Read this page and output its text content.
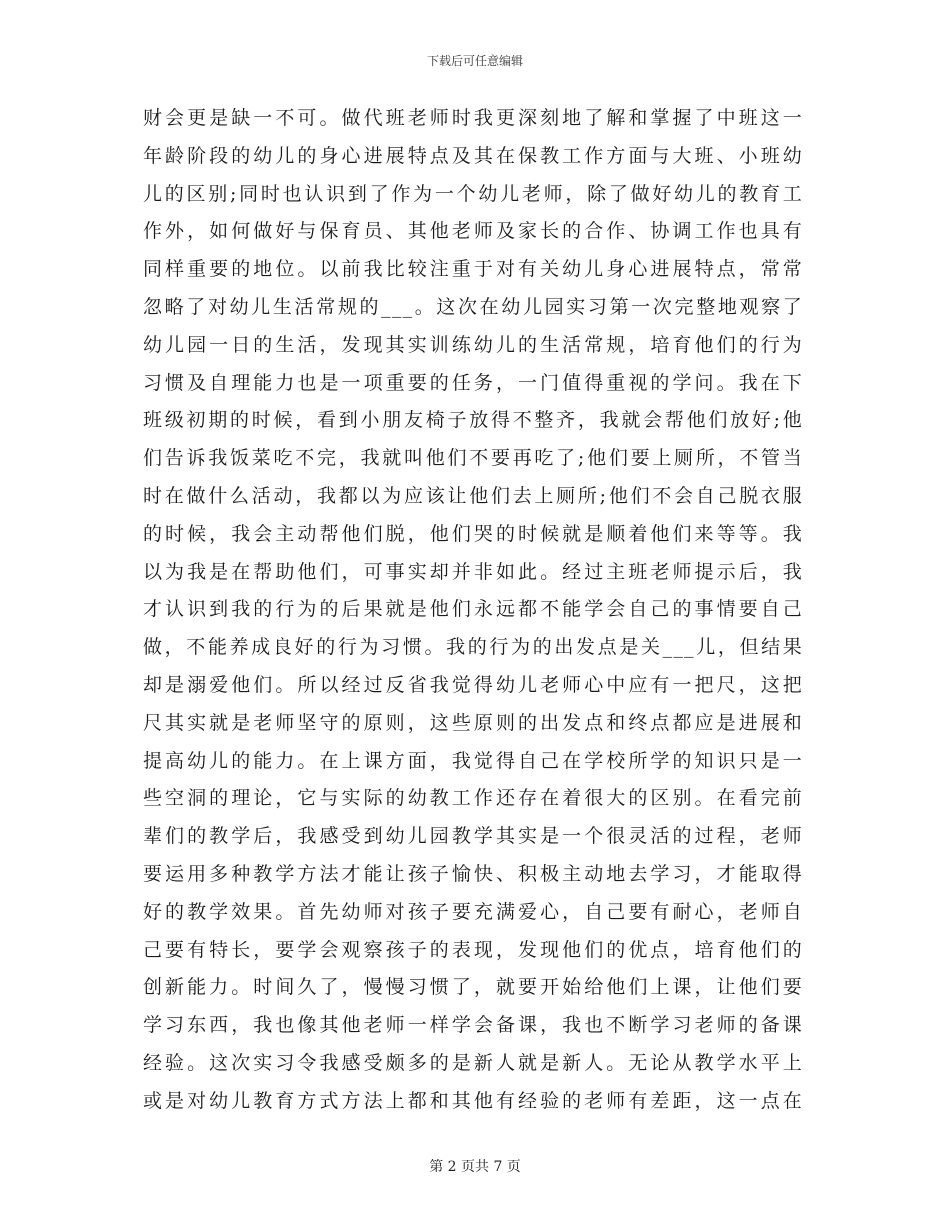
下载后可任意编辑
财会更是缺一不可。做代班老师时我更深刻地了解和掌握了中班这一
年龄阶段的幼儿的身心进展特点及其在保教工作方面与大班、小班幼
儿的区别;同时也认识到了作为一个幼儿老师，除了做好幼儿的教育工
作外，如何做好与保育员、其他老师及家长的合作、协调工作也具有
同样重要的地位。以前我比较注重于对有关幼儿身心进展特点，常常
忽略了对幼儿生活常规的___。这次在幼儿园实习第一次完整地观察了
幼儿园一日的生活，发现其实训练幼儿的生活常规，培育他们的行为
习惯及自理能力也是一项重要的任务，一门值得重视的学问。我在下
班级初期的时候，看到小朋友椅子放得不整齐，我就会帮他们放好;他
们告诉我饭菜吃不完，我就叫他们不要再吃了;他们要上厕所，不管当
时在做什么活动，我都以为应该让他们去上厕所;他们不会自己脱衣服
的时候，我会主动帮他们脱，他们哭的时候就是顺着他们来等等。我
以为我是在帮助他们，可事实却并非如此。经过主班老师提示后，我
才认识到我的行为的后果就是他们永远都不能学会自己的事情要自己
做，不能养成良好的行为习惯。我的行为的出发点是关___儿，但结果
却是溺爱他们。所以经过反省我觉得幼儿老师心中应有一把尺，这把
尺其实就是老师坚守的原则，这些原则的出发点和终点都应是进展和
提高幼儿的能力。在上课方面，我觉得自己在学校所学的知识只是一
些空洞的理论，它与实际的幼教工作还存在着很大的区别。在看完前
辈们的教学后，我感受到幼儿园教学其实是一个很灵活的过程，老师
要运用多种教学方法才能让孩子愉快、积极主动地去学习，才能取得
好的教学效果。首先幼师对孩子要充满爱心，自己要有耐心，老师自
己要有特长，要学会观察孩子的表现，发现他们的优点，培育他们的
创新能力。时间久了，慢慢习惯了，就要开始给他们上课，让他们要
学习东西，我也像其他老师一样学会备课，我也不断学习老师的备课
经验。这次实习令我感受颇多的是新人就是新人。无论从教学水平上
或是对幼儿教育方式方法上都和其他有经验的老师有差距，这一点在
第 2 页共 7 页
